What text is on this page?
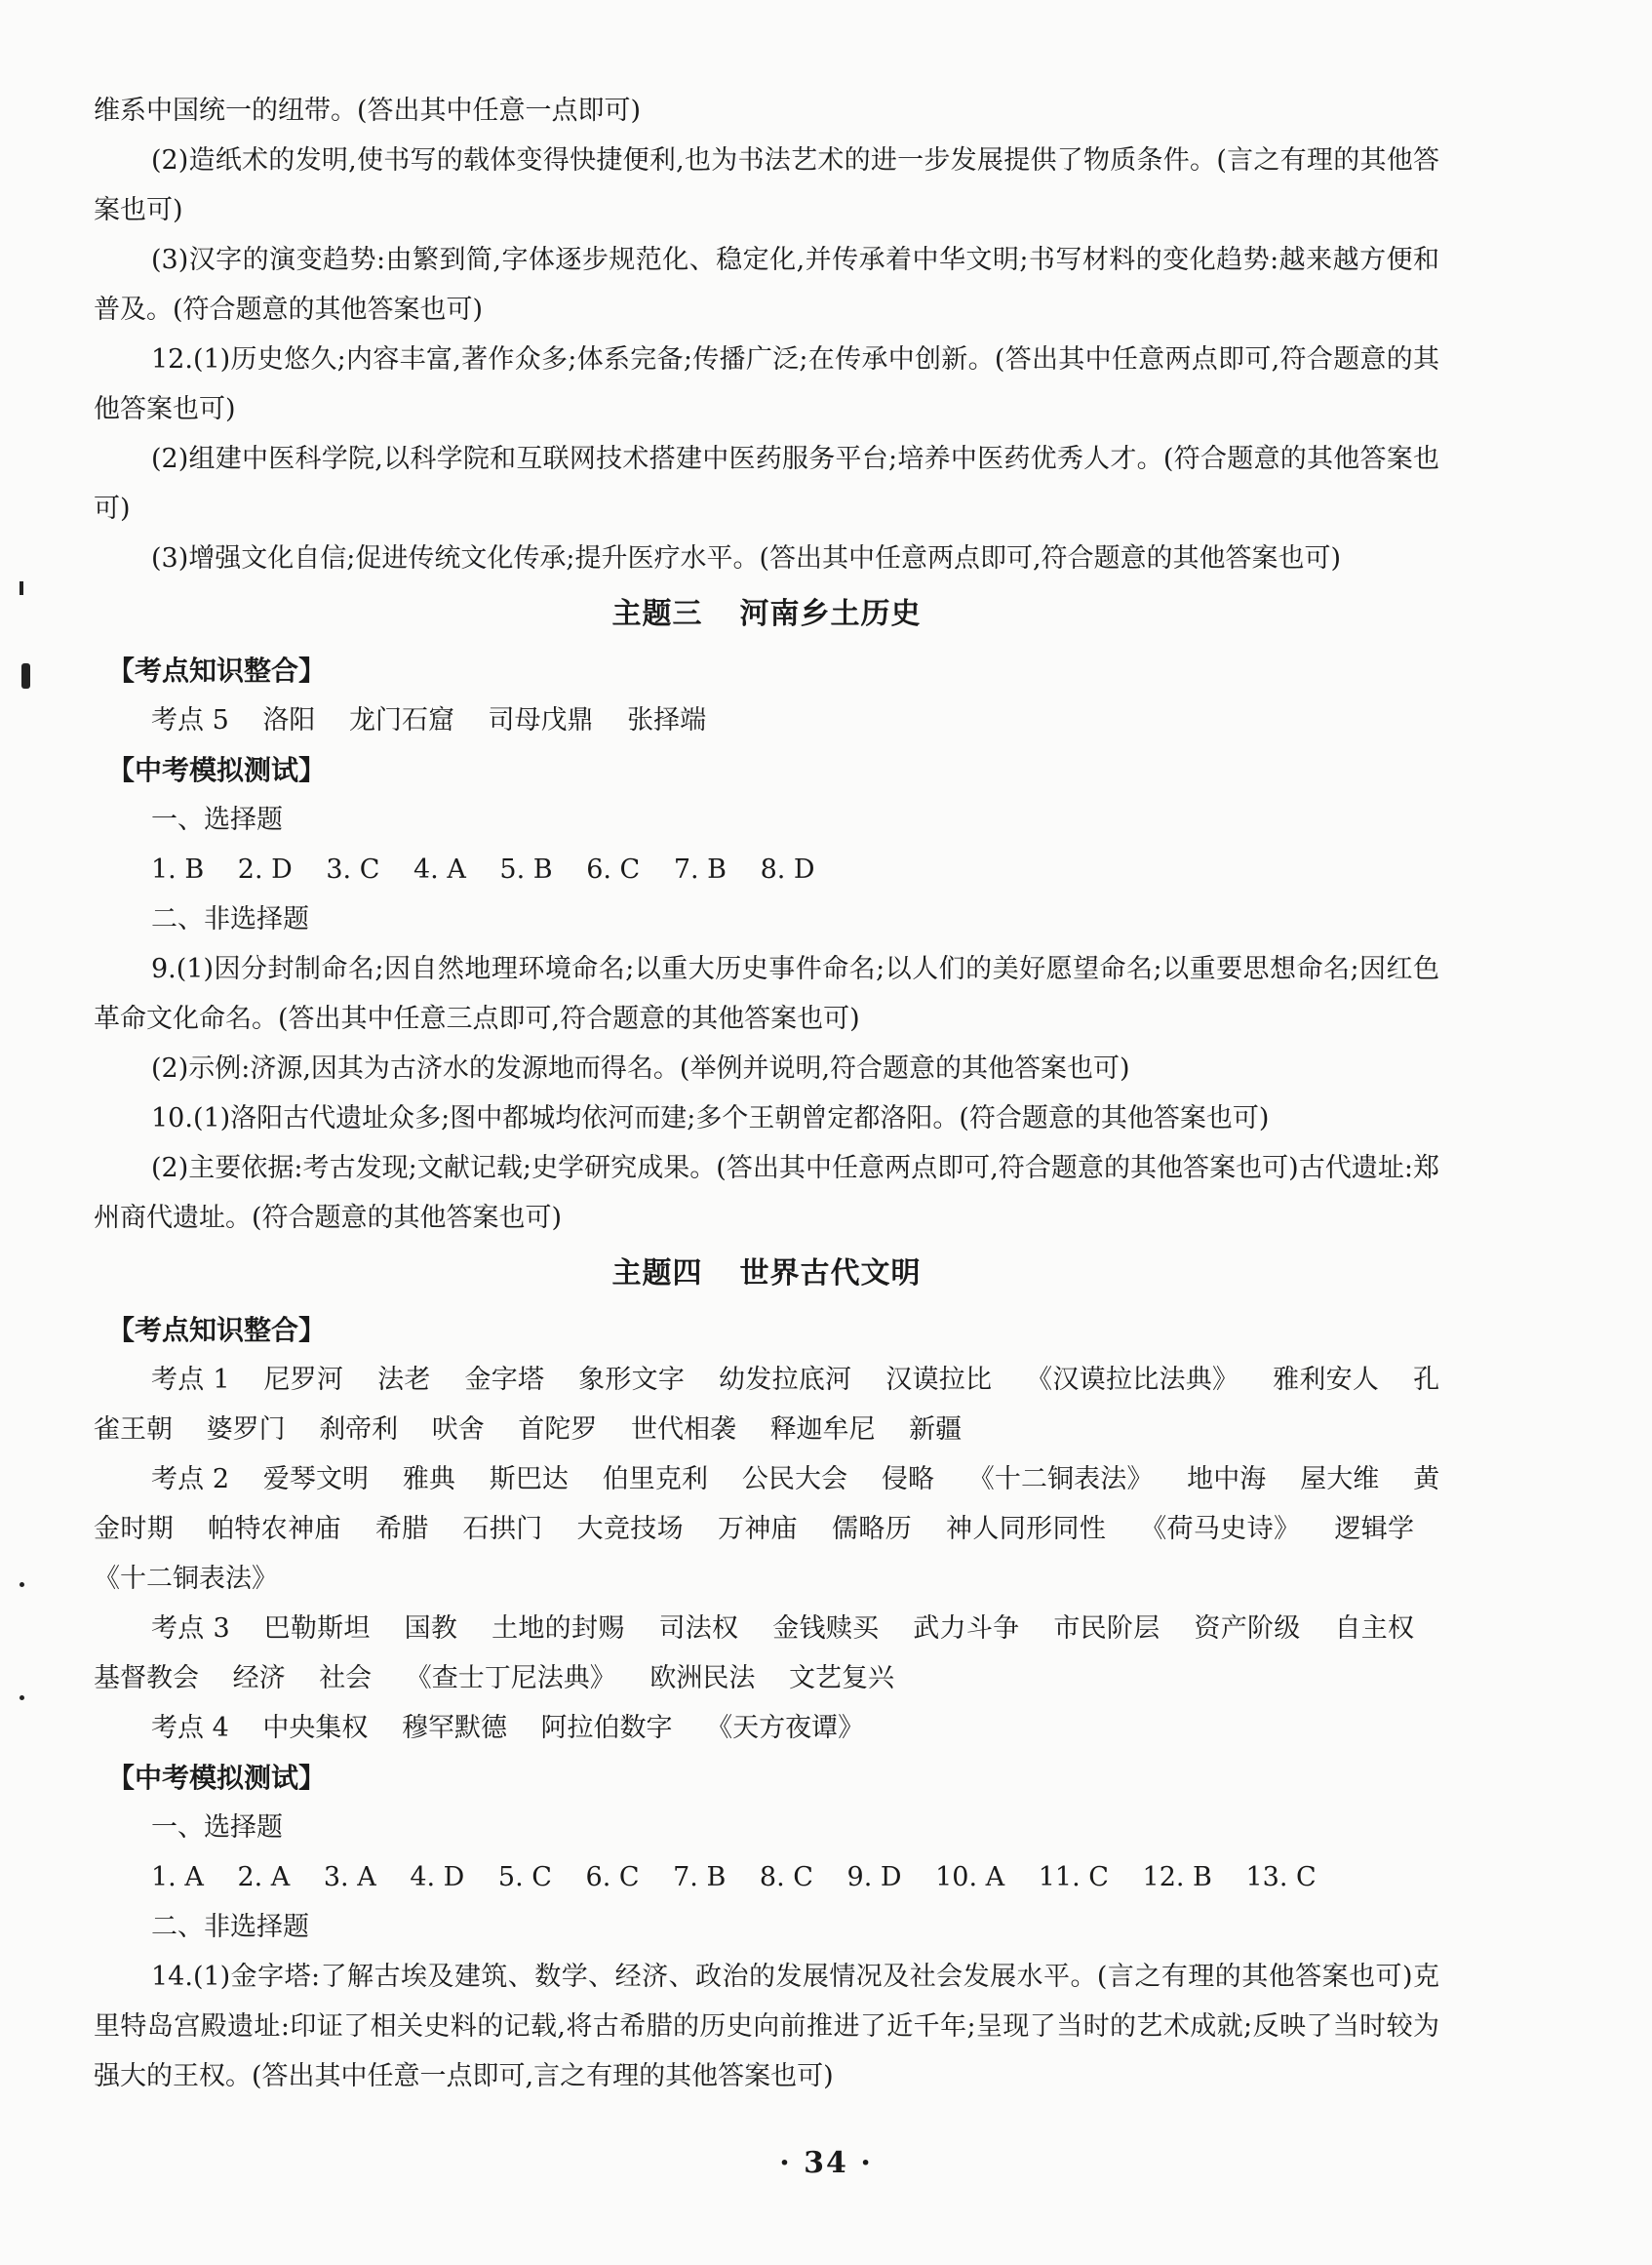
维系中国统一的纽带。(答出其中任意一点即可)

(2)造纸术的发明,使书写的载体变得快捷便利,也为书法艺术的进一步发展提供了物质条件。(言之有理的其他答案也可)

(3)汉字的演变趋势:由繁到简,字体逐步规范化、稳定化,并传承着中华文明;书写材料的变化趋势:越来越方便和普及。(符合题意的其他答案也可)

12.(1)历史悠久;内容丰富,著作众多;体系完备;传播广泛;在传承中创新。(答出其中任意两点即可,符合题意的其他答案也可)

(2)组建中医科学院,以科学院和互联网技术搭建中医药服务平台;培养中医药优秀人才。(符合题意的其他答案也可)

(3)增强文化自信;促进传统文化传承;提升医疗水平。(答出其中任意两点即可,符合题意的其他答案也可)

主题三 河南乡土历史

【考点知识整合】

考点 5 洛阳 龙门石窟 司母戊鼎 张择端

【中考模拟测试】

一、选择题

1. B 2. D 3. C 4. A 5. B 6. C 7. B 8. D

二、非选择题

9.(1)因分封制命名;因自然地理环境命名;以重大历史事件命名;以人们的美好愿望命名;以重要思想命名;因红色革命文化命名。(答出其中任意三点即可,符合题意的其他答案也可)

(2)示例:济源,因其为古济水的发源地而得名。(举例并说明,符合题意的其他答案也可)

10.(1)洛阳古代遗址众多;图中都城均依河而建;多个王朝曾定都洛阳。(符合题意的其他答案也可)

(2)主要依据:考古发现;文献记载;史学研究成果。(答出其中任意两点即可,符合题意的其他答案也可)古代遗址:郑州商代遗址。(符合题意的其他答案也可)

主题四 世界古代文明

【考点知识整合】

考点 1 尼罗河 法老 金字塔 象形文字 幼发拉底河 汉谟拉比 《汉谟拉比法典》 雅利安人 孔雀王朝 婆罗门 刹帝利 吠舍 首陀罗 世代相袭 释迦牟尼 新疆

考点 2 爱琴文明 雅典 斯巴达 伯里克利 公民大会 侵略 《十二铜表法》 地中海 屋大维 黄金时期 帕特农神庙 希腊 石拱门 大竞技场 万神庙 儒略历 神人同形同性 《荷马史诗》 逻辑学 《十二铜表法》

考点 3 巴勒斯坦 国教 土地的封赐 司法权 金钱赎买 武力斗争 市民阶层 资产阶级 自主权 基督教会 经济 社会 《查士丁尼法典》 欧洲民法 文艺复兴

考点 4 中央集权 穆罕默德 阿拉伯数字 《天方夜谭》

【中考模拟测试】

一、选择题

1. A 2. A 3. A 4. D 5. C 6. C 7. B 8. C 9. D 10. A 11. C 12. B 13. C

二、非选择题

14.(1)金字塔:了解古埃及建筑、数学、经济、政治的发展情况及社会发展水平。(言之有理的其他答案也可)克里特岛宫殿遗址:印证了相关史料的记载,将古希腊的历史向前推进了近千年;呈现了当时的艺术成就;反映了当时较为强大的王权。(答出其中任意一点即可,言之有理的其他答案也可)

· 34 ·
